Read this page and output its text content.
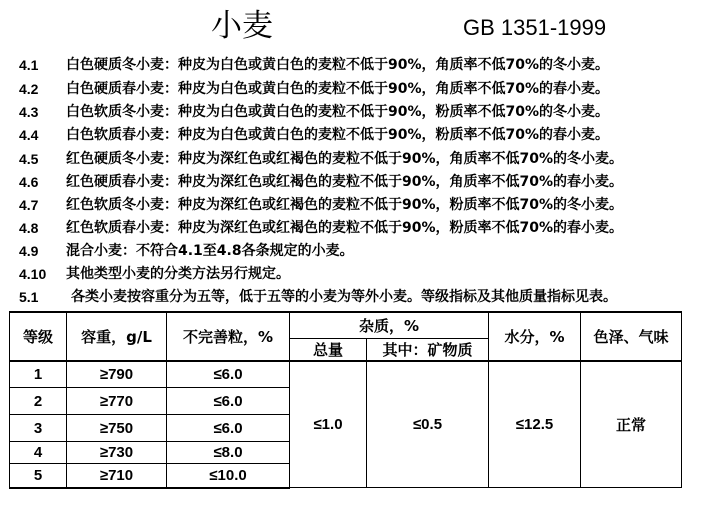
小麦	GB 1351-1999
4.1 白色硬质冬小麦：种皮为白色或黄白色的麦粒不低于90%，角质率不低70%的冬小麦。
4.2 白色硬质春小麦：种皮为白色或黄白色的麦粒不低于90%，角质率不低70%的春小麦。
4.3 白色软质冬小麦：种皮为白色或黄白色的麦粒不低于90%，粉质率不低70%的冬小麦。
4.4 白色软质春小麦：种皮为白色或黄白色的麦粒不低于90%，粉质率不低70%的春小麦。
4.5 红色硬质冬小麦：种皮为深红色或红褐色的麦粒不低于90%，角质率不低70%的冬小麦。
4.6 红色硬质春小麦：种皮为深红色或红褐色的麦粒不低于90%，角质率不低70%的春小麦。
4.7 红色软质冬小麦：种皮为深红色或红褐色的麦粒不低于90%，粉质率不低70%的冬小麦。
4.8 红色软质春小麦：种皮为深红色或红褐色的麦粒不低于90%，粉质率不低70%的春小麦。
4.9 混合小麦：不符合4.1至4.8各条规定的小麦。
4.10 其他类型小麦的分类方法另行规定。
5.1 各类小麦按容重分为五等，低于五等的小麦为等外小麦。等级指标及其他质量指标见表。
等级	容重，g/L	不完善粒，%	杂质，%		水分，%	色泽、气味
			总量	其中：矿物质		
1	≥790	≤6.0	≤1.0	≤0.5	≤12.5	正常
2	≥770	≤6.0				
3	≥750	≤6.0				
4	≥730	≤8.0				
5	≥710	≤10.0				
